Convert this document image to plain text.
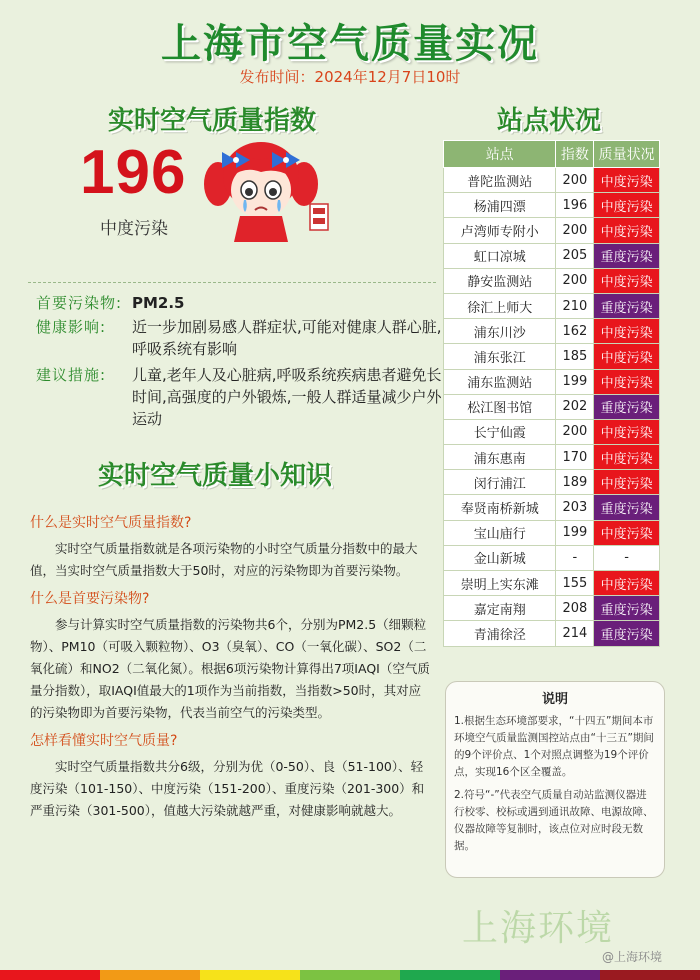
上海市空气质量实况
发布时间：2024年12月7日10时
实时空气质量指数
196
中度污染
首要污染物: PM2.5
健康影响:	近一步加剧易感人群症状,可能对健康人群心脏,呼吸系统有影响
建议措施:	儿童,老年人及心脏病,呼吸系统疾病患者避免长时间,高强度的户外锻炼,一般人群适量减少户外运动
实时空气质量小知识
什么是实时空气质量指数?
实时空气质量指数就是各项污染物的小时空气质量分指数中的最大值，当实时空气质量指数大于50时，对应的污染物即为首要污染物。
什么是首要污染物?
参与计算实时空气质量指数的污染物共6个，分别为PM2.5（细颗粒物）、PM10（可吸入颗粒物）、O3（臭氧）、CO（一氧化碳）、SO2（二氧化硫）和NO2（二氧化氮）。根据6项污染物计算得出7项IAQI（空气质量分指数），取IAQI值最大的1项作为当前指数，当指数>50时，其对应的污染物即为首要污染物，代表当前空气的污染类型。
怎样看懂实时空气质量?
实时空气质量指数共分6级，分别为优（0-50）、良（51-100）、轻度污染（101-150）、中度污染（151-200）、重度污染（201-300）和严重污染（301-500），值越大污染就越严重，对健康影响就越大。
站点状况
站点	指数	质量状况
普陀监测站	200	中度污染
杨浦四漂	196	中度污染
卢湾师专附小	200	中度污染
虹口凉城	205	重度污染
静安监测站	200	中度污染
徐汇上师大	210	重度污染
浦东川沙	162	中度污染
浦东张江	185	中度污染
浦东监测站	199	中度污染
松江图书馆	202	重度污染
长宁仙霞	200	中度污染
浦东惠南	170	中度污染
闵行浦江	189	中度污染
奉贤南桥新城	203	重度污染
宝山庙行	199	中度污染
金山新城	-	-
崇明上实东滩	155	中度污染
嘉定南翔	208	重度污染
青浦徐泾	214	重度污染
说明

1.根据生态环境部要求，“十四五”期间本市环境空气质量监测国控站点由“十三五”期间的9个评价点、1个对照点调整为19个评价点，实现16个区全覆盖。

2.符号“-”代表空气质量自动站监测仪器进行校零、校标或遇到通讯故障、电源故障、仪器故障等复制时，该点位对应时段无数据。

上海环境
@上海环境
